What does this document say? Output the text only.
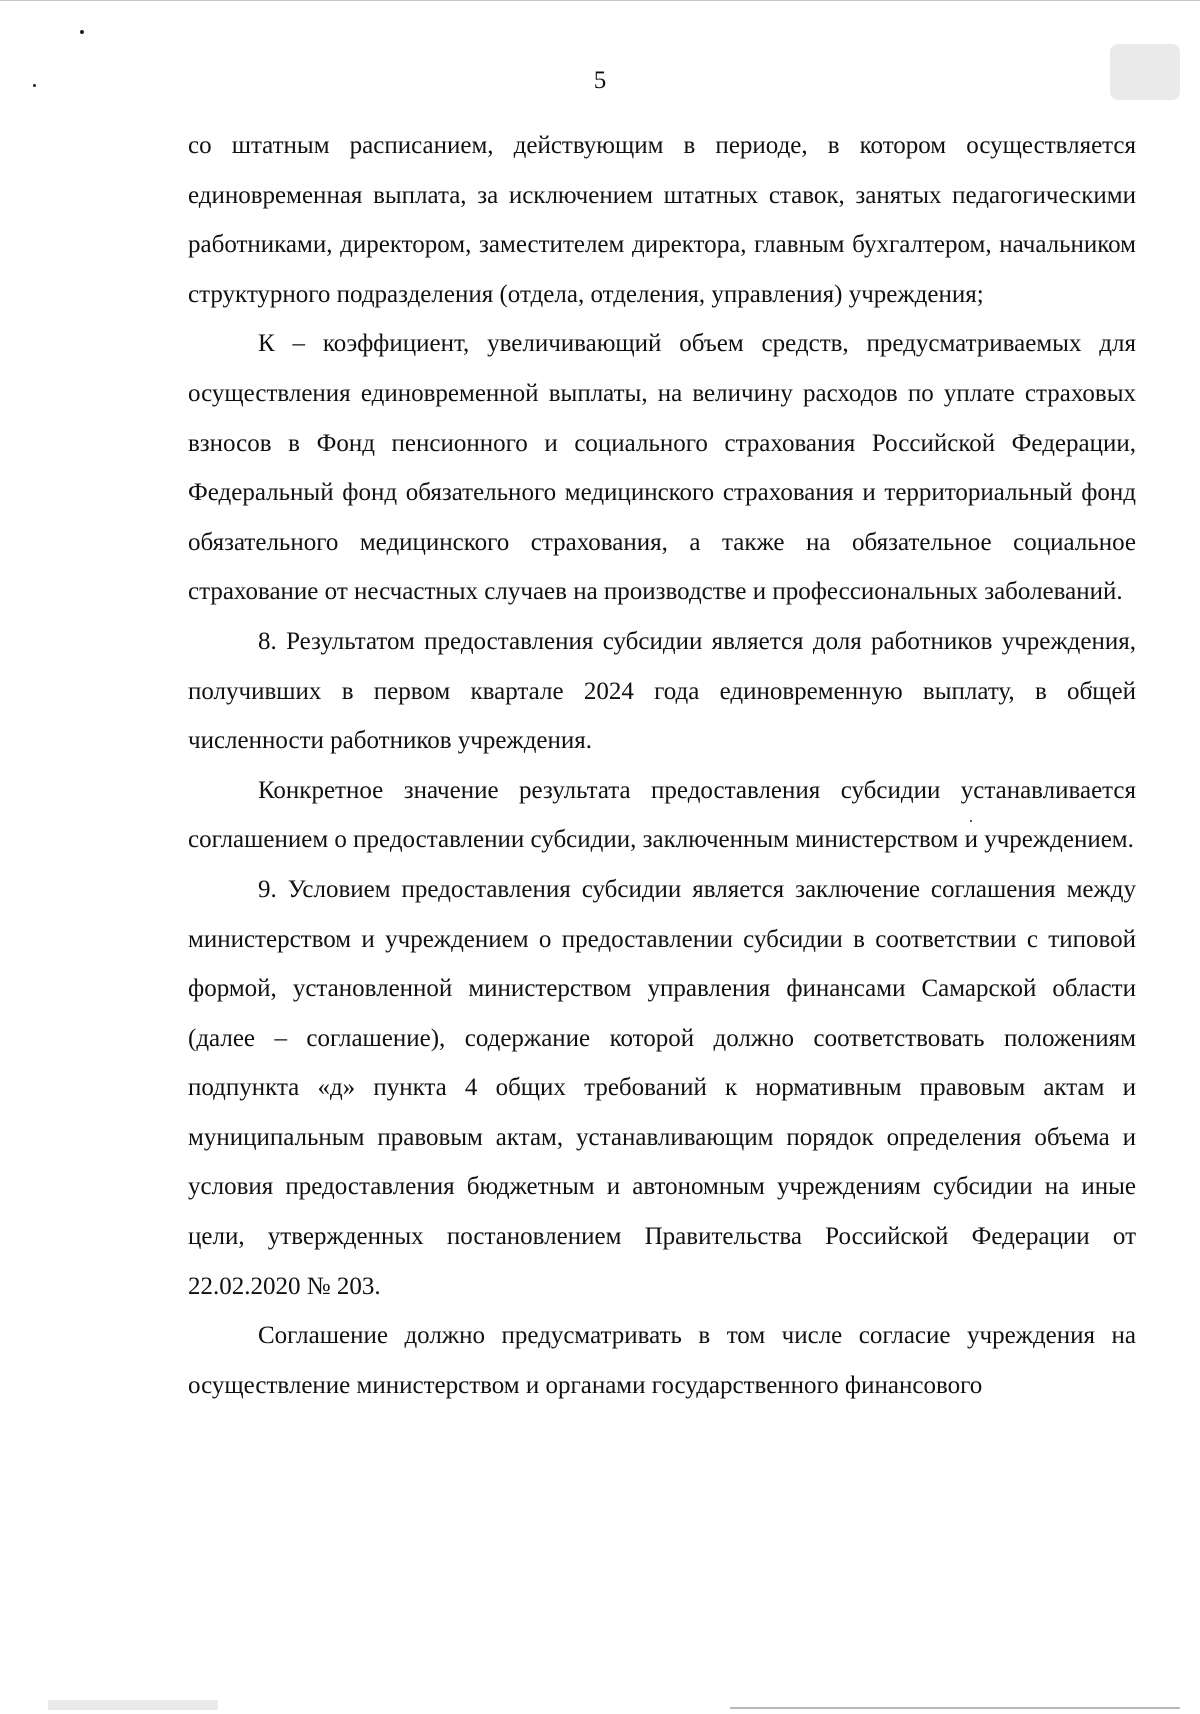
5

со штатным расписанием, действующим в периоде, в котором осуществляется единовременная выплата, за исключением штатных ставок, занятых педагогическими работниками, директором, заместителем директора, главным бухгалтером, начальником структурного подразделения (отдела, отделения, управления) учреждения;

К – коэффициент, увеличивающий объем средств, предусматриваемых для осуществления единовременной выплаты, на величину расходов по уплате страховых взносов в Фонд пенсионного и социального страхования Российской Федерации, Федеральный фонд обязательного медицинского страхования и территориальный фонд обязательного медицинского страхования, а также на обязательное социальное страхование от несчастных случаев на производстве и профессиональных заболеваний.

8. Результатом предоставления субсидии является доля работников учреждения, получивших в первом квартале 2024 года единовременную выплату, в общей численности работников учреждения.

Конкретное значение результата предоставления субсидии устанавливается соглашением о предоставлении субсидии, заключенным министерством и учреждением.

9. Условием предоставления субсидии является заключение соглашения между министерством и учреждением о предоставлении субсидии в соответствии с типовой формой, установленной министерством управления финансами Самарской области (далее – соглашение), содержание которой должно соответствовать положениям подпункта «д» пункта 4 общих требований к нормативным правовым актам и муниципальным правовым актам, устанавливающим порядок определения объема и условия предоставления бюджетным и автономным учреждениям субсидии на иные цели, утвержденных постановлением Правительства Российской Федерации от 22.02.2020 № 203.

Соглашение должно предусматривать в том числе согласие учреждения на осуществление министерством и органами государственного финансового
